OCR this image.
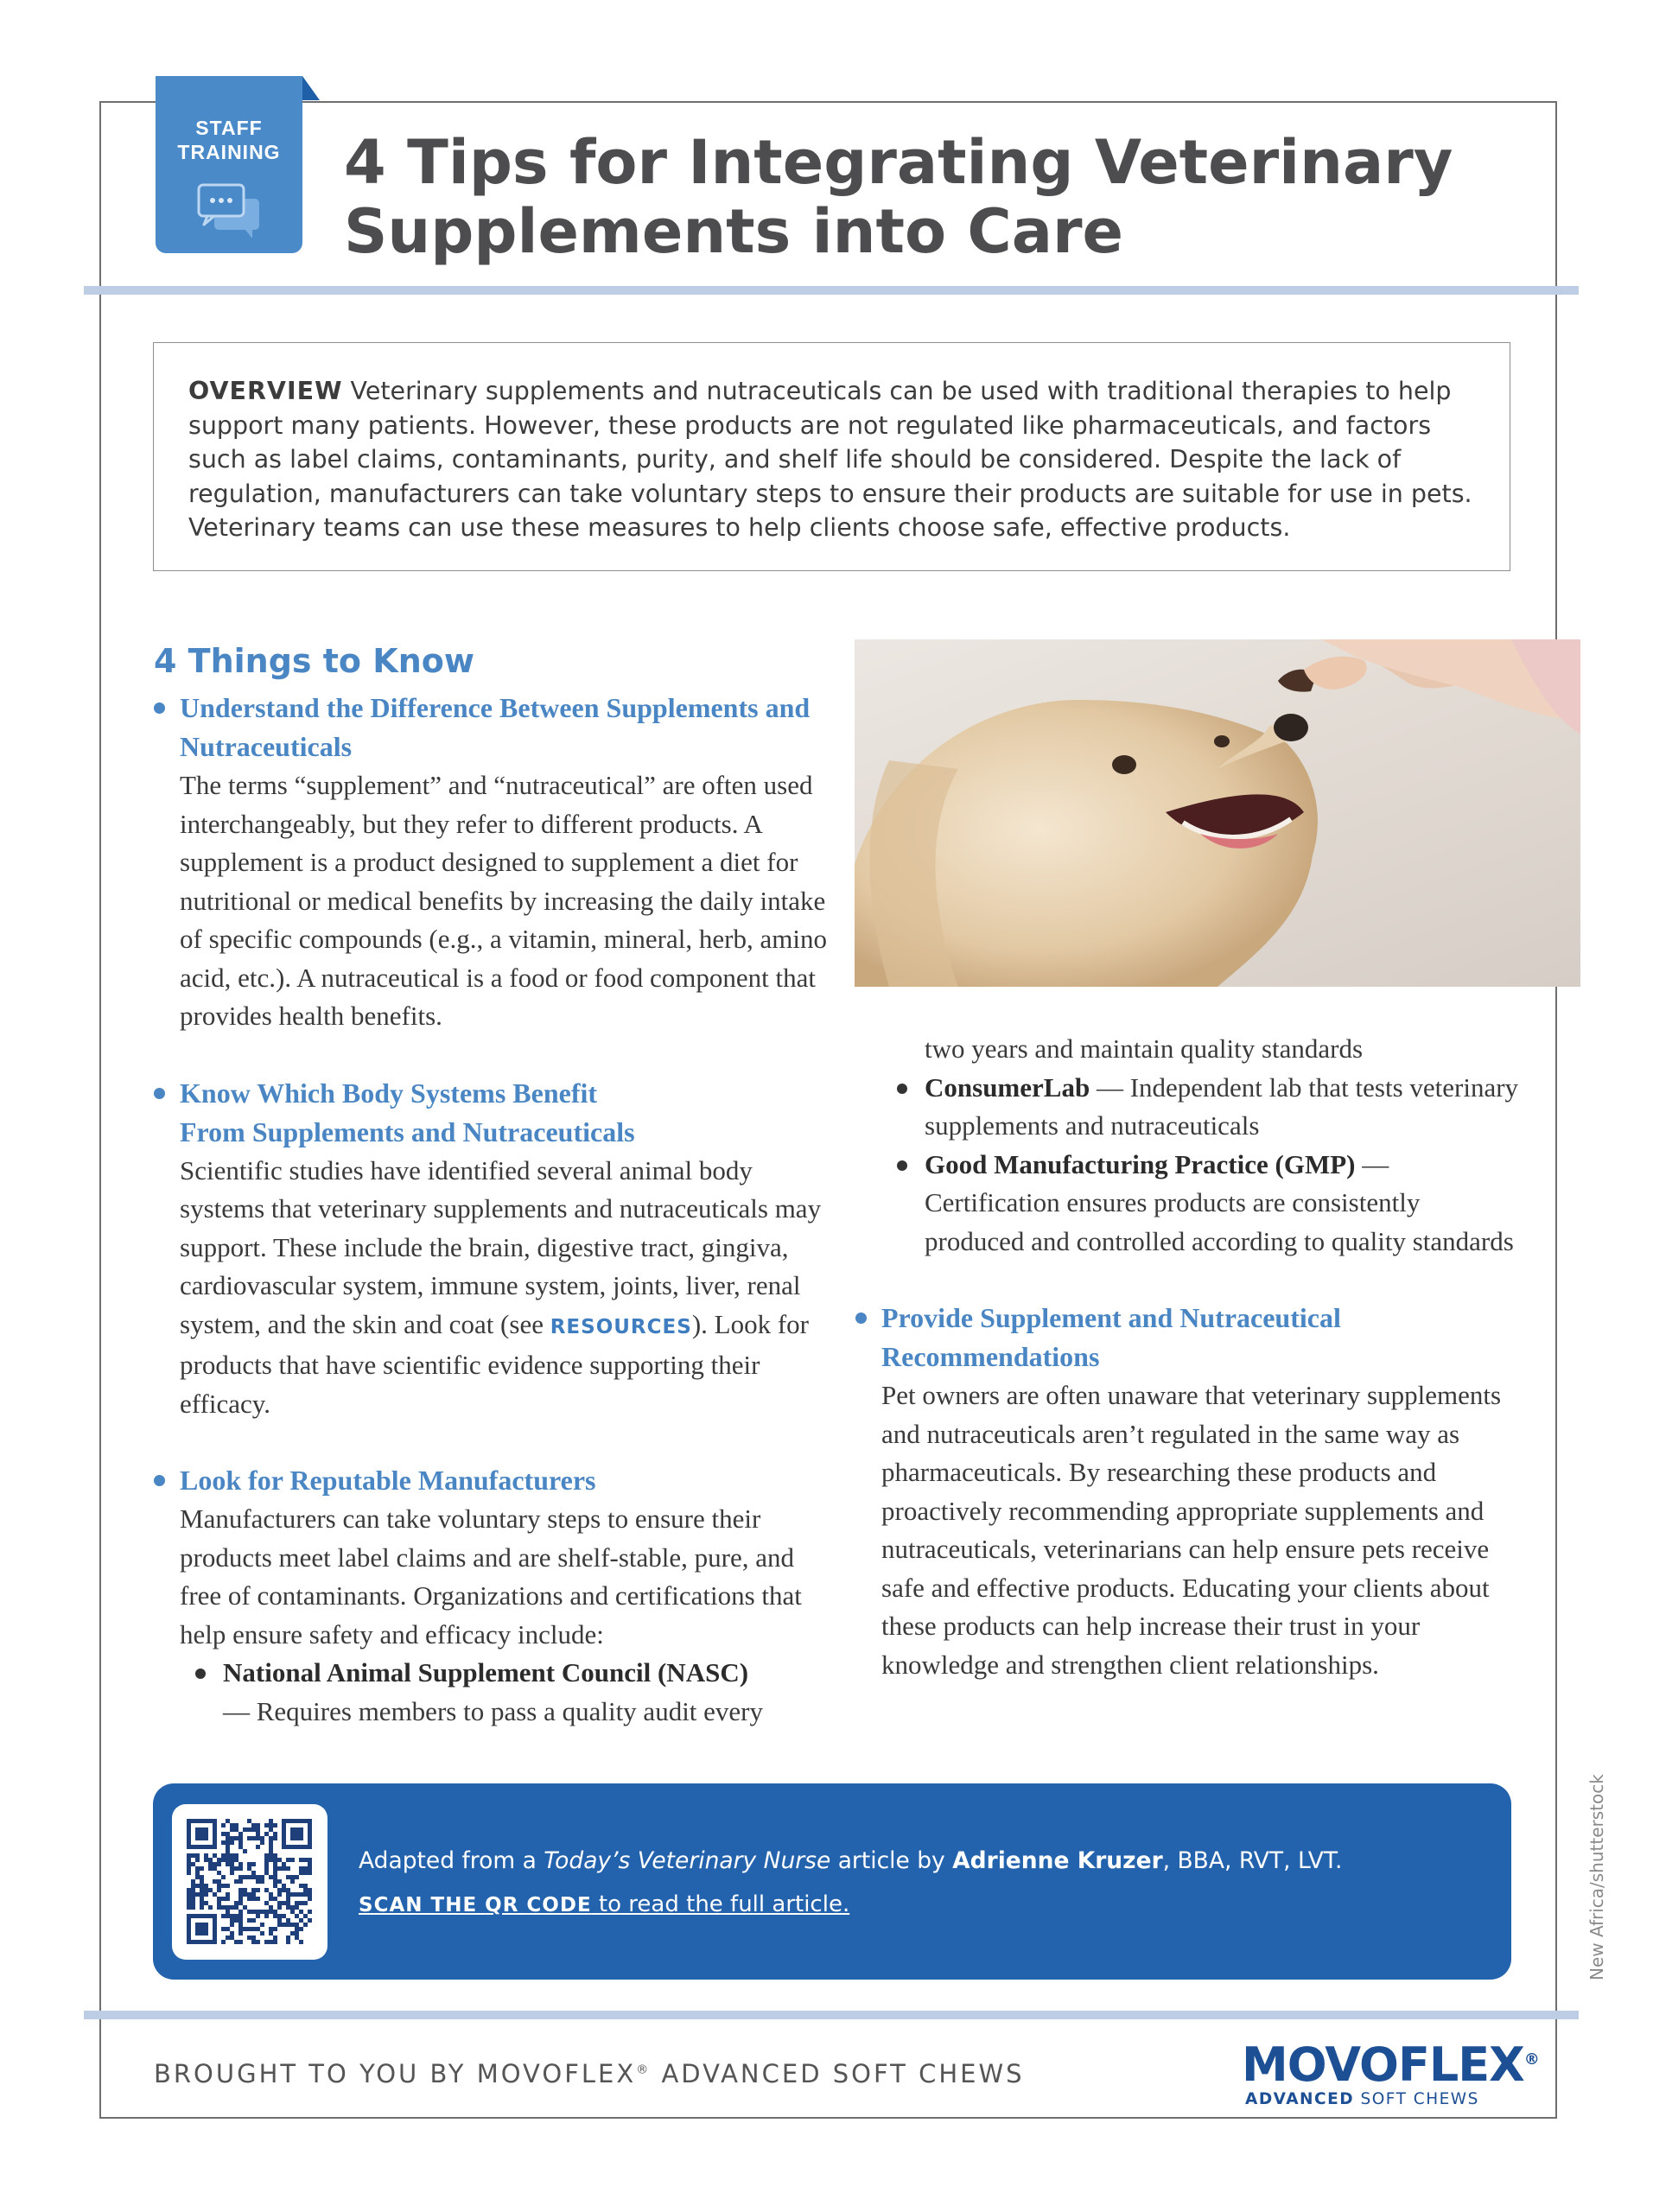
STAFF
TRAINING	4 Tips for Integrating Veterinary
Supplements into Care
OVERVIEW Veterinary supplements and nutraceuticals can be used with traditional therapies to help support many patients. However, these products are not regulated like pharmaceuticals, and factors such as label claims, contaminants, purity, and shelf life should be considered. Despite the lack of regulation, manufacturers can take voluntary steps to ensure their products are suitable for use in pets. Veterinary teams can use these measures to help clients choose safe, effective products.
4 Things to Know

Understand the Difference Between Supplements and Nutraceuticals

The terms “supplement” and “nutraceutical” are often used interchangeably, but they refer to different products. A supplement is a product designed to supplement a diet for nutritional or medical benefits by increasing the daily intake of specific compounds (e.g., a vitamin, mineral, herb, amino acid, etc.). A nutraceutical is a food or food component that provides health benefits.

Know Which Body Systems Benefit From Supplements and Nutraceuticals

Scientific studies have identified several animal body systems that veterinary supplements and nutraceuticals may support. These include the brain, digestive tract, gingiva, cardiovascular system, immune system, joints, liver, renal system, and the skin and coat (see RESOURCES). Look for products that have scientific evidence supporting their efficacy.

Look for Reputable Manufacturers

Manufacturers can take voluntary steps to ensure their products meet label claims and are shelf-stable, pure, and free of contaminants. Organizations and certifications that help ensure safety and efficacy include:

National Animal Supplement Council (NASC)
— Requires members to pass a quality audit every
two years and maintain quality standards
ConsumerLab — Independent lab that tests veterinary supplements and nutraceuticals
Good Manufacturing Practice (GMP) — Certification ensures products are consistently produced and controlled according to quality standards

Provide Supplement and Nutraceutical Recommendations

Pet owners are often unaware that veterinary supplements and nutraceuticals aren’t regulated in the same way as pharmaceuticals. By researching these products and proactively recommending appropriate supplements and nutraceuticals, veterinarians can help ensure pets receive safe and effective products. Educating your clients about these products can help increase their trust in your knowledge and strengthen client relationships.

Adapted from a Today’s Veterinary Nurse article by Adrienne Kruzer, BBA, RVT, LVT.
SCAN THE QR CODE to read the full article.	New Africa/shutterstock
BROUGHT TO YOU BY MOVOFLEX® ADVANCED SOFT CHEWS	MOVOFLEX®
ADVANCED SOFT CHEWS
